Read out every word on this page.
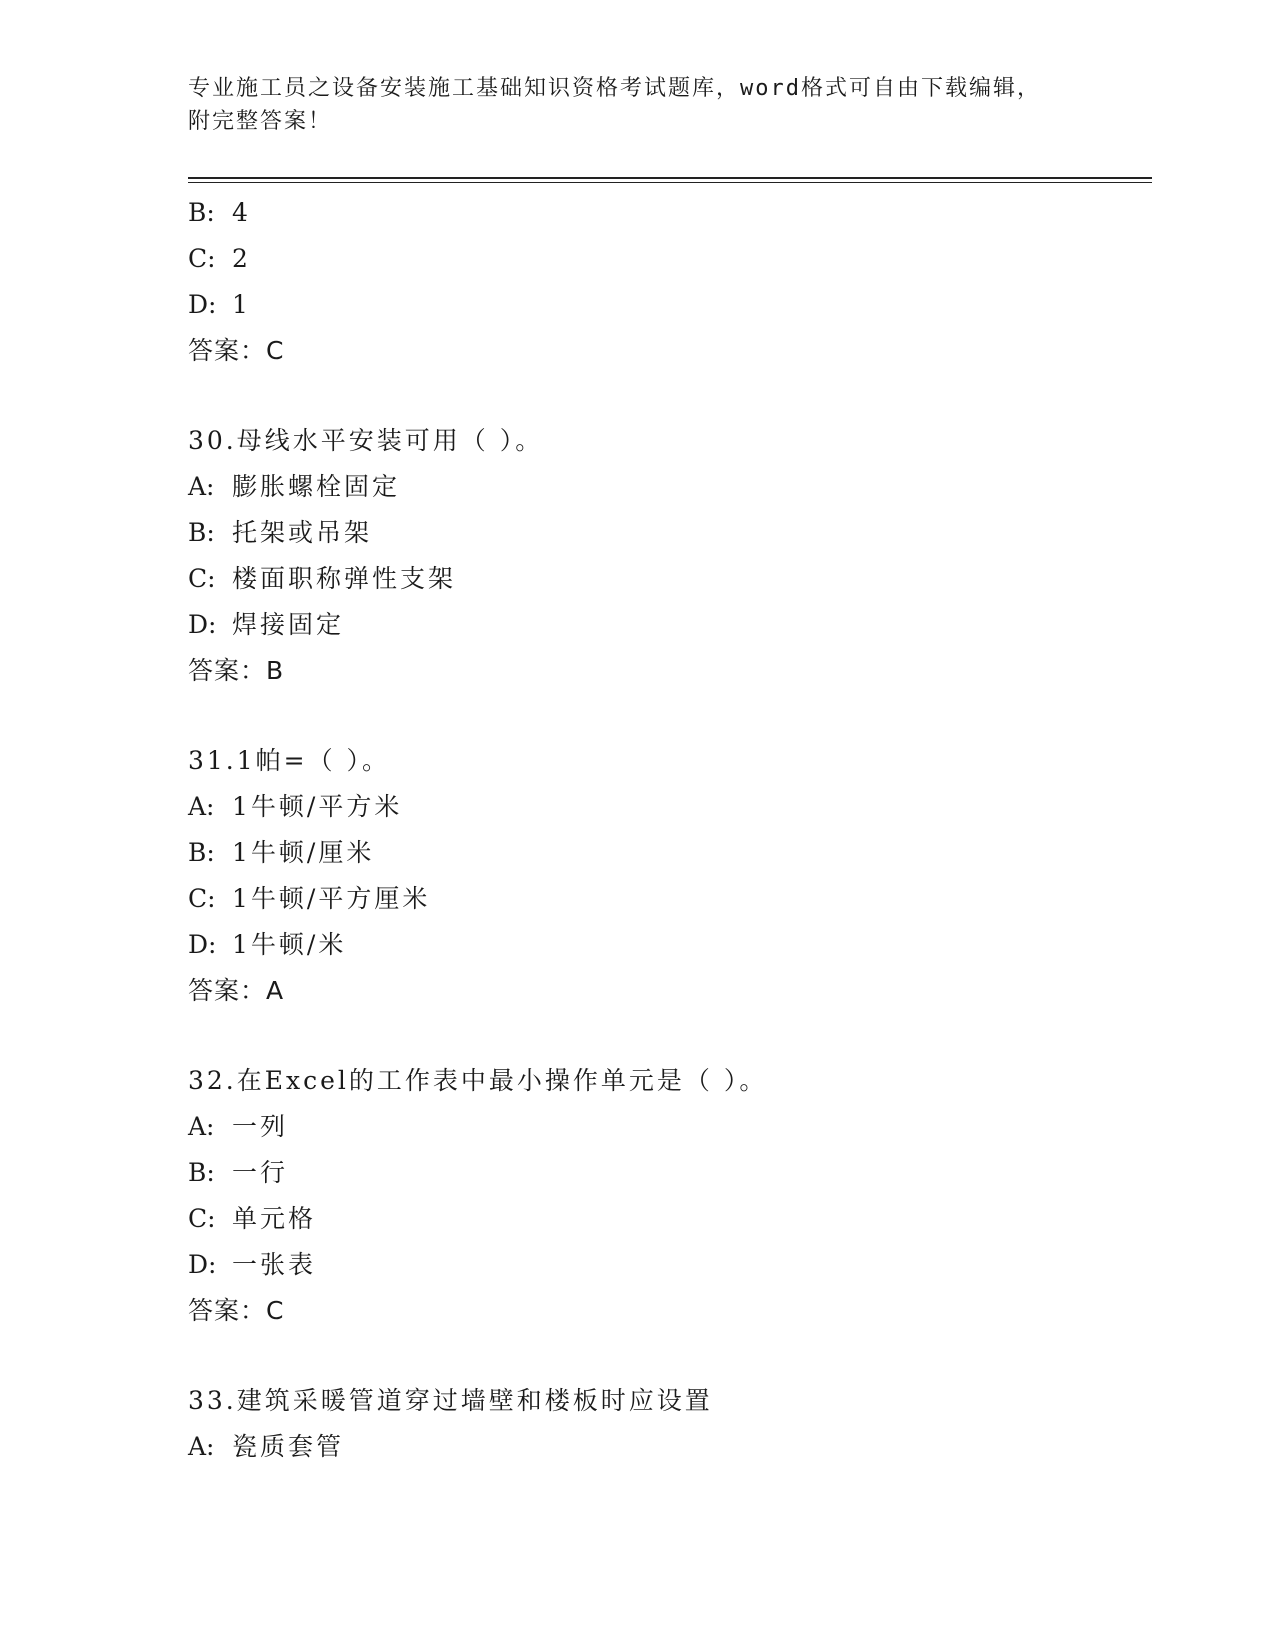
专业施工员之设备安装施工基础知识资格考试题库，word格式可自由下载编辑，
附完整答案！
B: 4
C: 2
D: 1
答案：C
30.母线水平安装可用（ ）。
A: 膨胀螺栓固定
B: 托架或吊架
C: 楼面职称弹性支架
D: 焊接固定
答案：B
31.1帕=（ ）。
A: 1牛顿/平方米
B: 1牛顿/厘米
C: 1牛顿/平方厘米
D: 1牛顿/米
答案：A
32.在Excel的工作表中最小操作单元是（ ）。
A: 一列
B: 一行
C: 单元格
D: 一张表
答案：C
33.建筑采暖管道穿过墙壁和楼板时应设置
A: 瓷质套管
